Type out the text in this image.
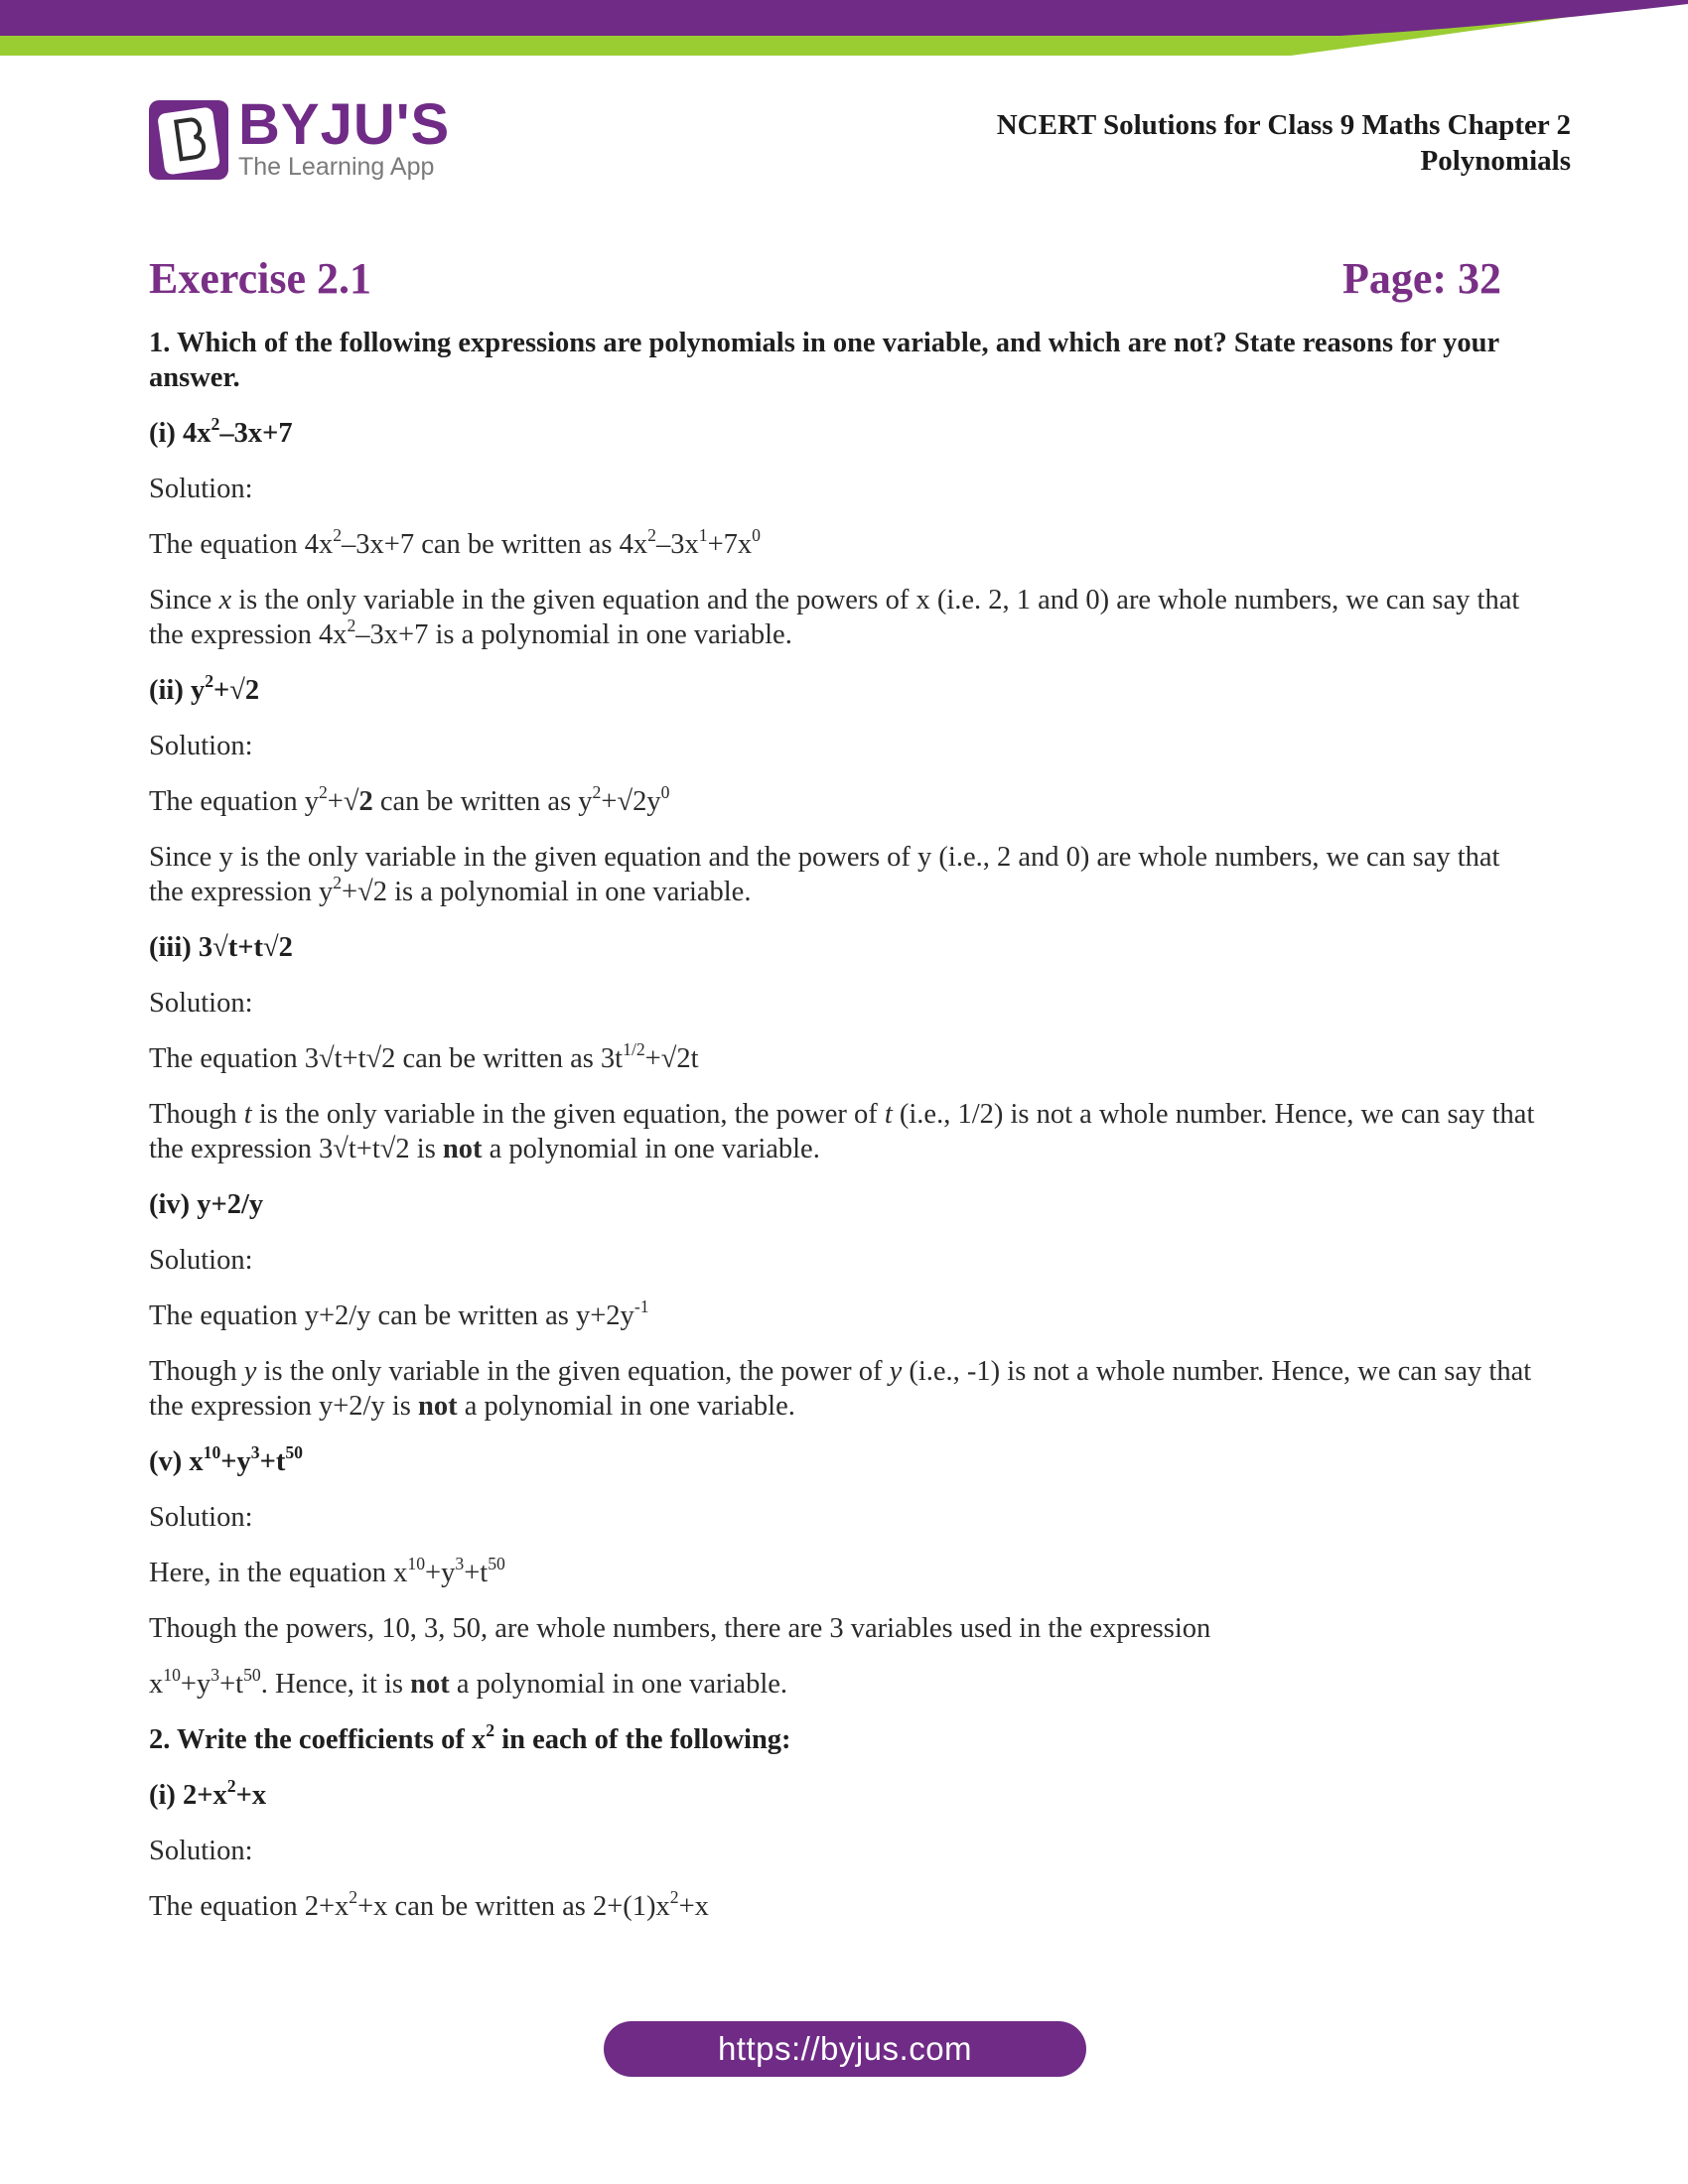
BYJU'S
The Learning App
NCERT Solutions for Class 9 Maths Chapter 2
Polynomials
Exercise 2.1	Page: 32

1. Which of the following expressions are polynomials in one variable, and which are not? State reasons for your answer.

(i) $4x^2-3x+7$

Solution:

The equation $4x^2-3x+7$ can be written as $4x^2-3x^1+7x^0$

Since x is the only variable in the given equation and the powers of x (i.e. 2, 1 and 0) are whole numbers, we can say that the expression $4x^2-3x+7$ is a polynomial in one variable.

(ii) $y^2+√2$

Solution:

The equation $y^2+√2$ can be written as $y^2+√2y^0$

Since y is the only variable in the given equation and the powers of y (i.e., 2 and 0) are whole numbers, we can say that the expression $y^2+√2$ is a polynomial in one variable.

(iii) 3√t+t√2

Solution:

The equation 3√t+t√2 can be written as $3t^{1/2}+√2t$

Though t is the only variable in the given equation, the power of t (i.e., 1/2) is not a whole number. Hence, we can say that the expression 3√t+t√2 is not a polynomial in one variable.

(iv) y+2/y

Solution:

The equation y+2/y can be written as $y+2y^{-1}$

Though y is the only variable in the given equation, the power of y (i.e., -1) is not a whole number. Hence, we can say that the expression y+2/y is not a polynomial in one variable.

(v) $x^{10}+y^3+t^{50}$

Solution:

Here, in the equation $x^{10}+y^3+t^{50}$

Though the powers, 10, 3, 50, are whole numbers, there are 3 variables used in the expression

$x^{10}+y^3+t^{50}$. Hence, it is not a polynomial in one variable.

2. Write the coefficients of $x^2$ in each of the following:

(i) $2+x^2+x$

Solution:

The equation $2+x^2+x$ can be written as $2+(1)x^2+x$

https://byjus.com
